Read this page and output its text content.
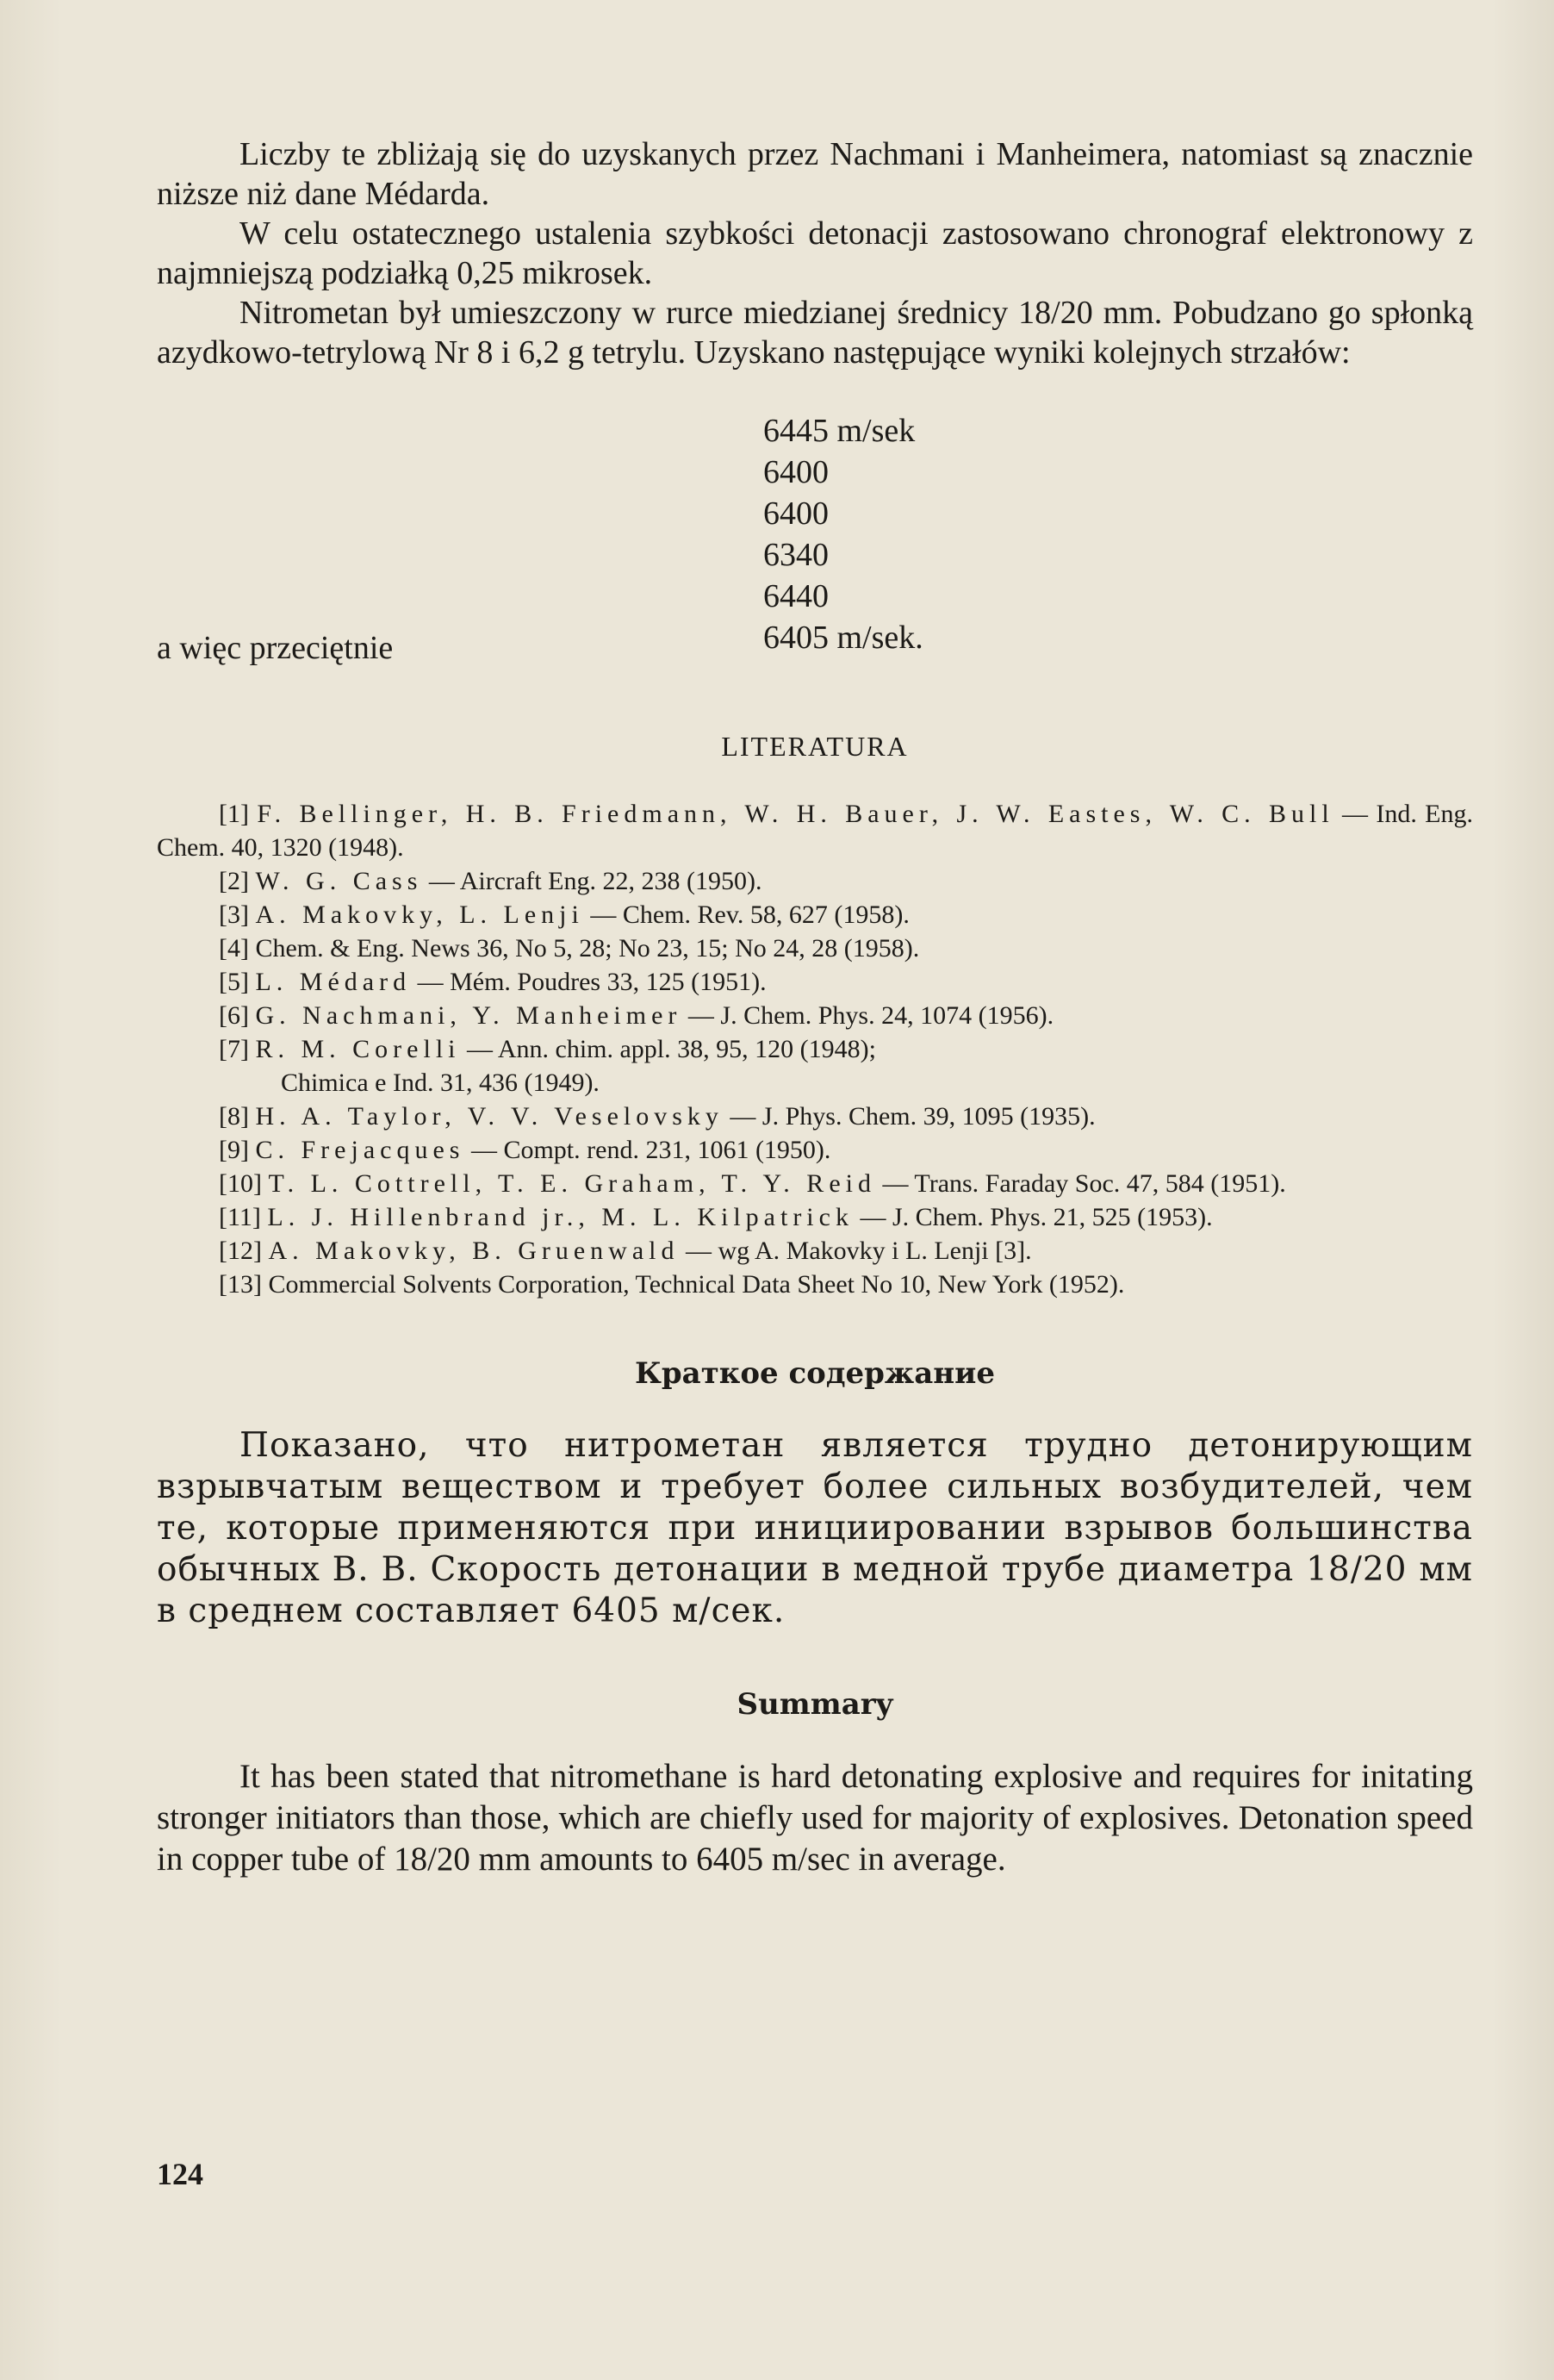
Liczby te zbliżają się do uzyskanych przez Nachmani i Manheimera, natomiast są znacznie niższe niż dane Médarda.

W celu ostatecznego ustalenia szybkości detonacji zastosowano chronograf elektronowy z najmniejszą podziałką 0,25 mikrosek.

Nitrometan był umieszczony w rurce miedzianej średnicy 18/20 mm. Pobudzano go spłonką azydkowo-tetrylową Nr 8 i 6,2 g tetrylu. Uzyskano następujące wyniki kolejnych strzałów:

6445 m/sek
6400
6400
6340
6440
6405 m/sek.
a więc przeciętnie
LITERATURA

[1] F. Bellinger, H. B. Friedmann, W. H. Bauer, J. W. Eastes, W. C. Bull — Ind. Eng. Chem. 40, 1320 (1948).

[2] W. G. Cass — Aircraft Eng. 22, 238 (1950).

[3] A. Makovky, L. Lenji — Chem. Rev. 58, 627 (1958).

[4] Chem. & Eng. News 36, No 5, 28; No 23, 15; No 24, 28 (1958).

[5] L. Médard — Mém. Poudres 33, 125 (1951).

[6] G. Nachmani, Y. Manheimer — J. Chem. Phys. 24, 1074 (1956).

[7] R. M. Corelli — Ann. chim. appl. 38, 95, 120 (1948);
Chimica e Ind. 31, 436 (1949).

[8] H. A. Taylor, V. V. Veselovsky — J. Phys. Chem. 39, 1095 (1935).

[9] C. Frejacques — Compt. rend. 231, 1061 (1950).

[10] T. L. Cottrell, T. E. Graham, T. Y. Reid — Trans. Faraday Soc. 47, 584 (1951).

[11] L. J. Hillenbrand jr., M. L. Kilpatrick — J. Chem. Phys. 21, 525 (1953).

[12] A. Makovky, B. Gruenwald — wg A. Makovky i L. Lenji [3].

[13] Commercial Solvents Corporation, Technical Data Sheet No 10, New York (1952).

Краткое содержание

Показано, что нитрометан является трудно детонирующим взрывчатым веществом и требует более сильных возбудителей, чем те, которые применяются при инициировании взрывов большинства обычных В. В. Скорость детонации в медной трубе диаметра 18/20 мм в среднем составляет 6405 м/сек.

Summary

It has been stated that nitromethane is hard detonating explosive and requires for initating stronger initiators than those, which are chiefly used for majority of explosives. Detonation speed in copper tube of 18/20 mm amounts to 6405 m/sec in average.

124
